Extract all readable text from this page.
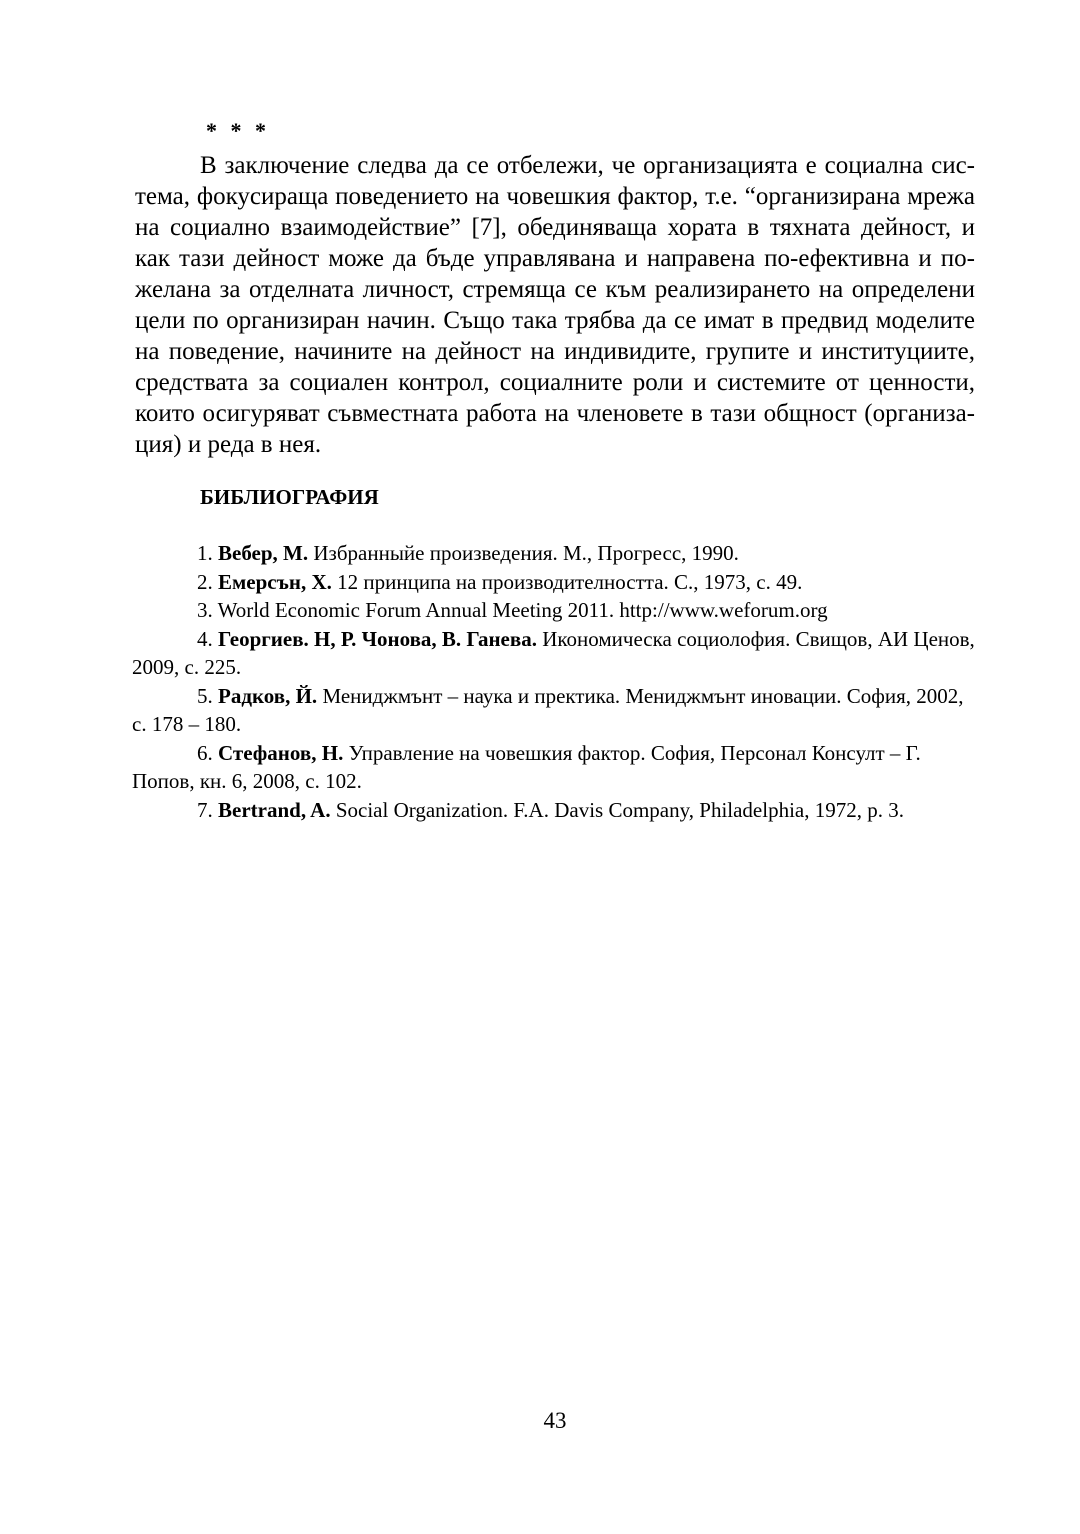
* * *

В заключение следва да се отбележи, че организацията е социална система, фокусираща поведението на човешкия фактор, т.е. “организирана мрежа на социално взаимодействие” [7], обединяваща хората в тяхната дейност, и как тази дейност може да бъде управлявана и направена по-ефективна и пожелана за отделната личност, стремяща се към реализирането на определени цели по организиран начин. Също така трябва да се имат в предвид моделите на поведение, начините на дейност на индивидите, групите и институциите, средствата за социален контрол, социалните роли и системите от ценности, които осигуряват съвместната работа на членовете в тази общност (организация) и реда в нея.

БИБЛИОГРАФИЯ
1. Вебер, М. Избранныйе произведения. М., Прогресс, 1990.
2. Емерсън, Х. 12 принципа на производителността. С., 1973, с. 49.
3. World Economic Forum Annual Meeting 2011. http://www.weforum.org
4. Георгиев. Н, Р. Чонова, В. Ганева. Икономическа социолофия. Свищов, АИ Ценов, 2009, с. 225.
5. Радков, Й. Мениджмънт – наука и пректика. Мениджмънт иновации. София, 2002, с. 178 – 180.
6. Стефанов, Н. Управление на човешкия фактор. София, Персонал Консулт – Г. Попов, кн. 6, 2008, с. 102.
7. Bertrand, A. Social Organization. F.A. Davis Company, Philadelphia, 1972, p. 3.
43
